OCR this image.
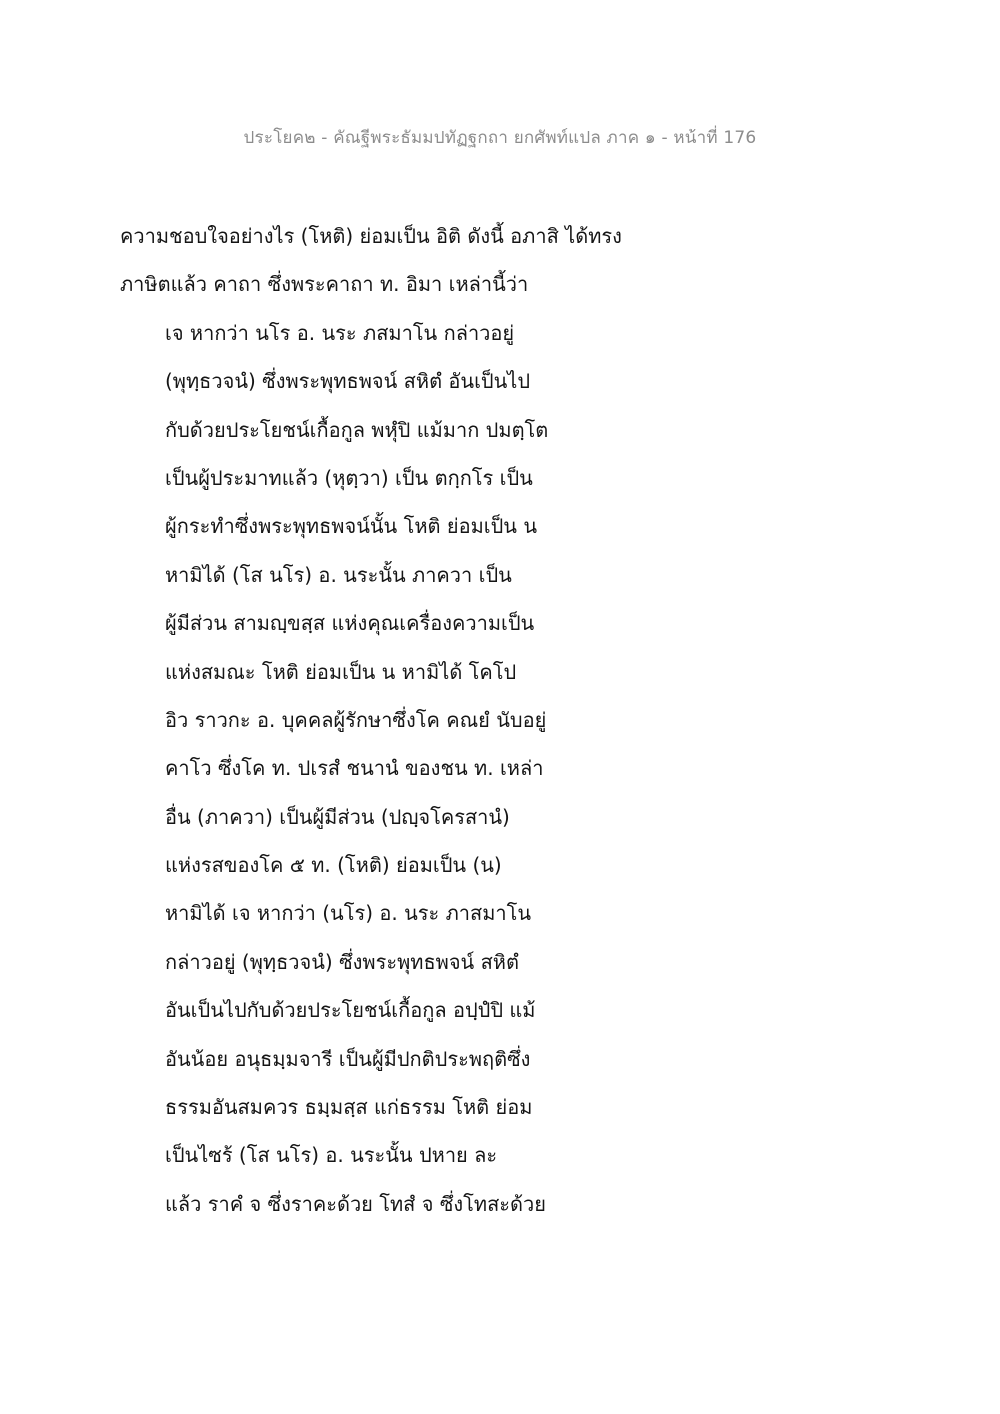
ประโยค๒ - คัณฐีพระธัมมปทัฏฐกถา ยกศัพท์แปล ภาค ๑ - หน้าที่ 176
ความชอบใจอย่างไร (โหติ) ย่อมเป็น อิติ ดังนี้ อภาสิ ได้ทรง
ภาษิตแล้ว คาถา ซึ่งพระคาถา ท. อิมา เหล่านี้ว่า
เจ หากว่า นโร อ. นระ ภสมาโน กล่าวอยู่
(พุทฺธวจนํ) ซึ่งพระพุทธพจน์ สหิตํ อันเป็นไป
กับด้วยประโยชน์เกื้อกูล พหุํปิ แม้มาก ปมตฺโต
เป็นผู้ประมาทแล้ว (หุตฺวา) เป็น ตกฺกโร เป็น
ผู้กระทำซึ่งพระพุทธพจน์นั้น โหติ ย่อมเป็น น
หามิได้ (โส นโร) อ. นระนั้น ภาควา เป็น
ผู้มีส่วน สามญฺขสฺส แห่งคุณเครื่องความเป็น
แห่งสมณะ โหติ ย่อมเป็น น หามิได้ โคโป
อิว ราวกะ อ. บุคคลผู้รักษาซึ่งโค คณยํ นับอยู่
คาโว ซึ่งโค ท. ปเรสํ ชนานํ ของชน ท. เหล่า
อื่น (ภาควา) เป็นผู้มีส่วน (ปญฺจโครสานํ)
แห่งรสของโค ๕ ท. (โหติ) ย่อมเป็น (น)
หามิได้ เจ หากว่า (นโร) อ. นระ ภาสมาโน
กล่าวอยู่ (พุทฺธวจนํ) ซึ่งพระพุทธพจน์ สหิตํ
อันเป็นไปกับด้วยประโยชน์เกื้อกูล อปฺปํปิ แม้
อันน้อย อนุธมฺมจารี เป็นผู้มีปกติประพฤติซึ่ง
ธรรมอันสมควร ธมฺมสฺส แก่ธรรม โหติ ย่อม
เป็นไซร้ (โส นโร) อ. นระนั้น ปหาย ละ
แล้ว ราคํ จ ซึ่งราคะด้วย โทสํ จ ซึ่งโทสะด้วย
